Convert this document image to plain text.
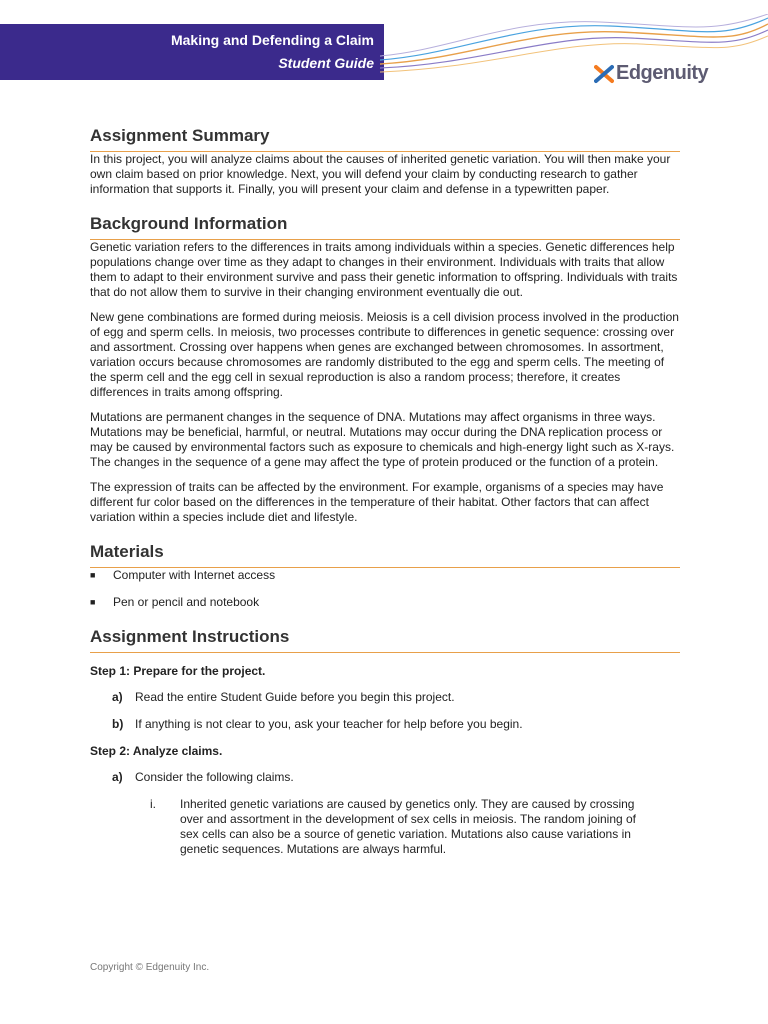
Making and Defending a Claim
Student Guide	Edgenuity
Assignment Summary

In this project, you will analyze claims about the causes of inherited genetic variation. You will then make your own claim based on prior knowledge. Next, you will defend your claim by conducting research to gather information that supports it. Finally, you will present your claim and defense in a typewritten paper.

Background Information

Genetic variation refers to the differences in traits among individuals within a species. Genetic differences help populations change over time as they adapt to changes in their environment. Individuals with traits that allow them to adapt to their environment survive and pass their genetic information to offspring. Individuals with traits that do not allow them to survive in their changing environment eventually die out.

New gene combinations are formed during meiosis. Meiosis is a cell division process involved in the production of egg and sperm cells. In meiosis, two processes contribute to differences in genetic sequence: crossing over and assortment. Crossing over happens when genes are exchanged between chromosomes. In assortment, variation occurs because chromosomes are randomly distributed to the egg and sperm cells. The meeting of the sperm cell and the egg cell in sexual reproduction is also a random process; therefore, it creates differences in traits among offspring.

Mutations are permanent changes in the sequence of DNA. Mutations may affect organisms in three ways. Mutations may be beneficial, harmful, or neutral. Mutations may occur during the DNA replication process or may be caused by environmental factors such as exposure to chemicals and high-energy light such as X-rays. The changes in the sequence of a gene may affect the type of protein produced or the function of a protein.

The expression of traits can be affected by the environment. For example, organisms of a species may have different fur color based on the differences in the temperature of their habitat. Other factors that can affect variation within a species include diet and lifestyle.

Materials
■ Computer with Internet access
■ Pen or pencil and notebook
Assignment Instructions
Step 1: Prepare for the project.
a) Read the entire Student Guide before you begin this project.
b) If anything is not clear to you, ask your teacher for help before you begin.
Step 2: Analyze claims.
a) Consider the following claims.
i. Inherited genetic variations are caused by genetics only. They are caused by crossing over and assortment in the development of sex cells in meiosis. The random joining of sex cells can also be a source of genetic variation. Mutations also cause variations in genetic sequences. Mutations are always harmful.
Copyright © Edgenuity Inc.
